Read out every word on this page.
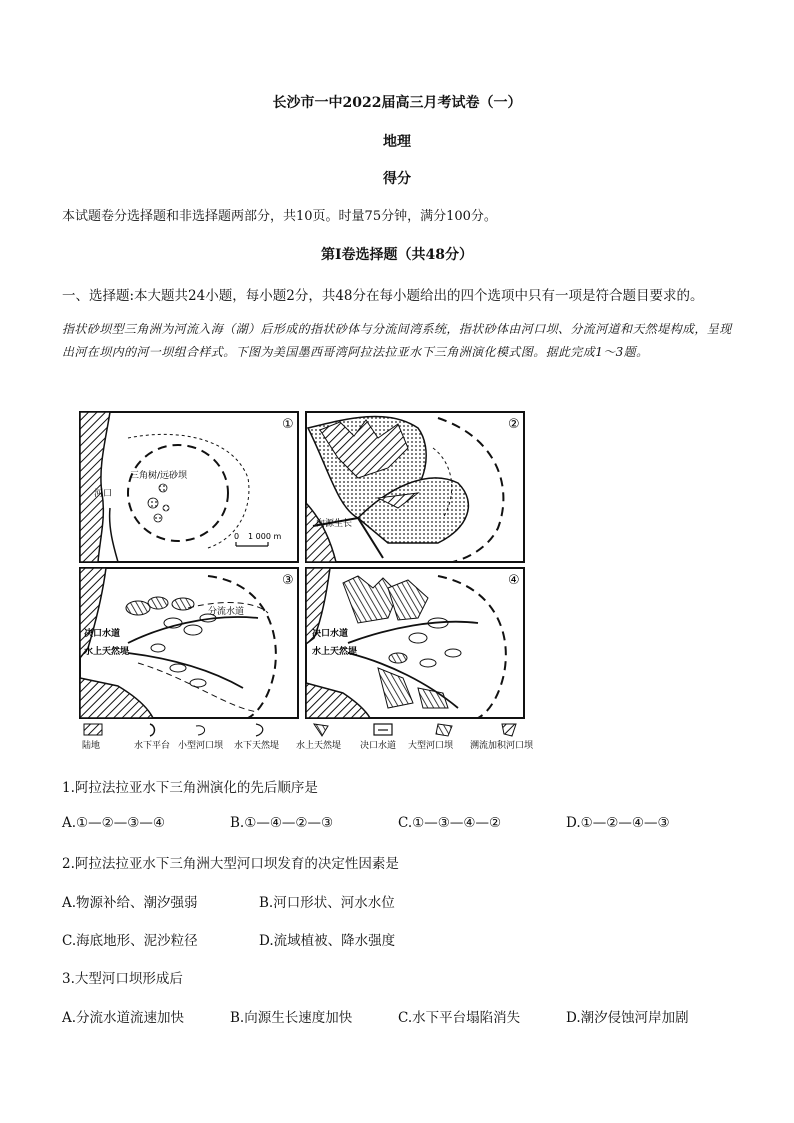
长沙市一中2022届高三月考试卷（一）
地理
得分
本试题卷分选择题和非选择题两部分，共10页。时量75分钟，满分100分。
第Ⅰ卷选择题（共48分）
一、选择题:本大题共24小题，每小题2分，共48分在每小题给出的四个选项中只有一项是符合题目要求的。
指状砂坝型三角洲为河流入海（湖）后形成的指状砂体与分流间湾系统，指状砂体由河口坝、分流河道和天然堤构成，呈现出河在坝内的河一坝组合样式。下图为美国墨西哥湾阿拉法拉亚水下三角洲演化模式图。据此完成1～3题。
①
三角树/远砂坝
河口
0 1 000 m
②
向源生长
③
分流水道
决口水道
水上天然堤
④
决口水道
水上天然堤
陆地	水下平台 小型河口坝 水下天然堤 水上天然堤 决口水道 大型河口坝 溯流加积河口坝
1.阿拉法拉亚水下三角洲演化的先后顺序是
A.①—②—③—④	B.①—④—②—③	C.①—③—④—②	D.①—②—④—③
2.阿拉法拉亚水下三角洲大型河口坝发育的决定性因素是
A.物源补给、潮汐强弱	B.河口形状、河水水位
C.海底地形、泥沙粒径	D.流域植被、降水强度
3.大型河口坝形成后
A.分流水道流速加快	B.向源生长速度加快	C.水下平台塌陷消失	D.潮汐侵蚀河岸加剧
